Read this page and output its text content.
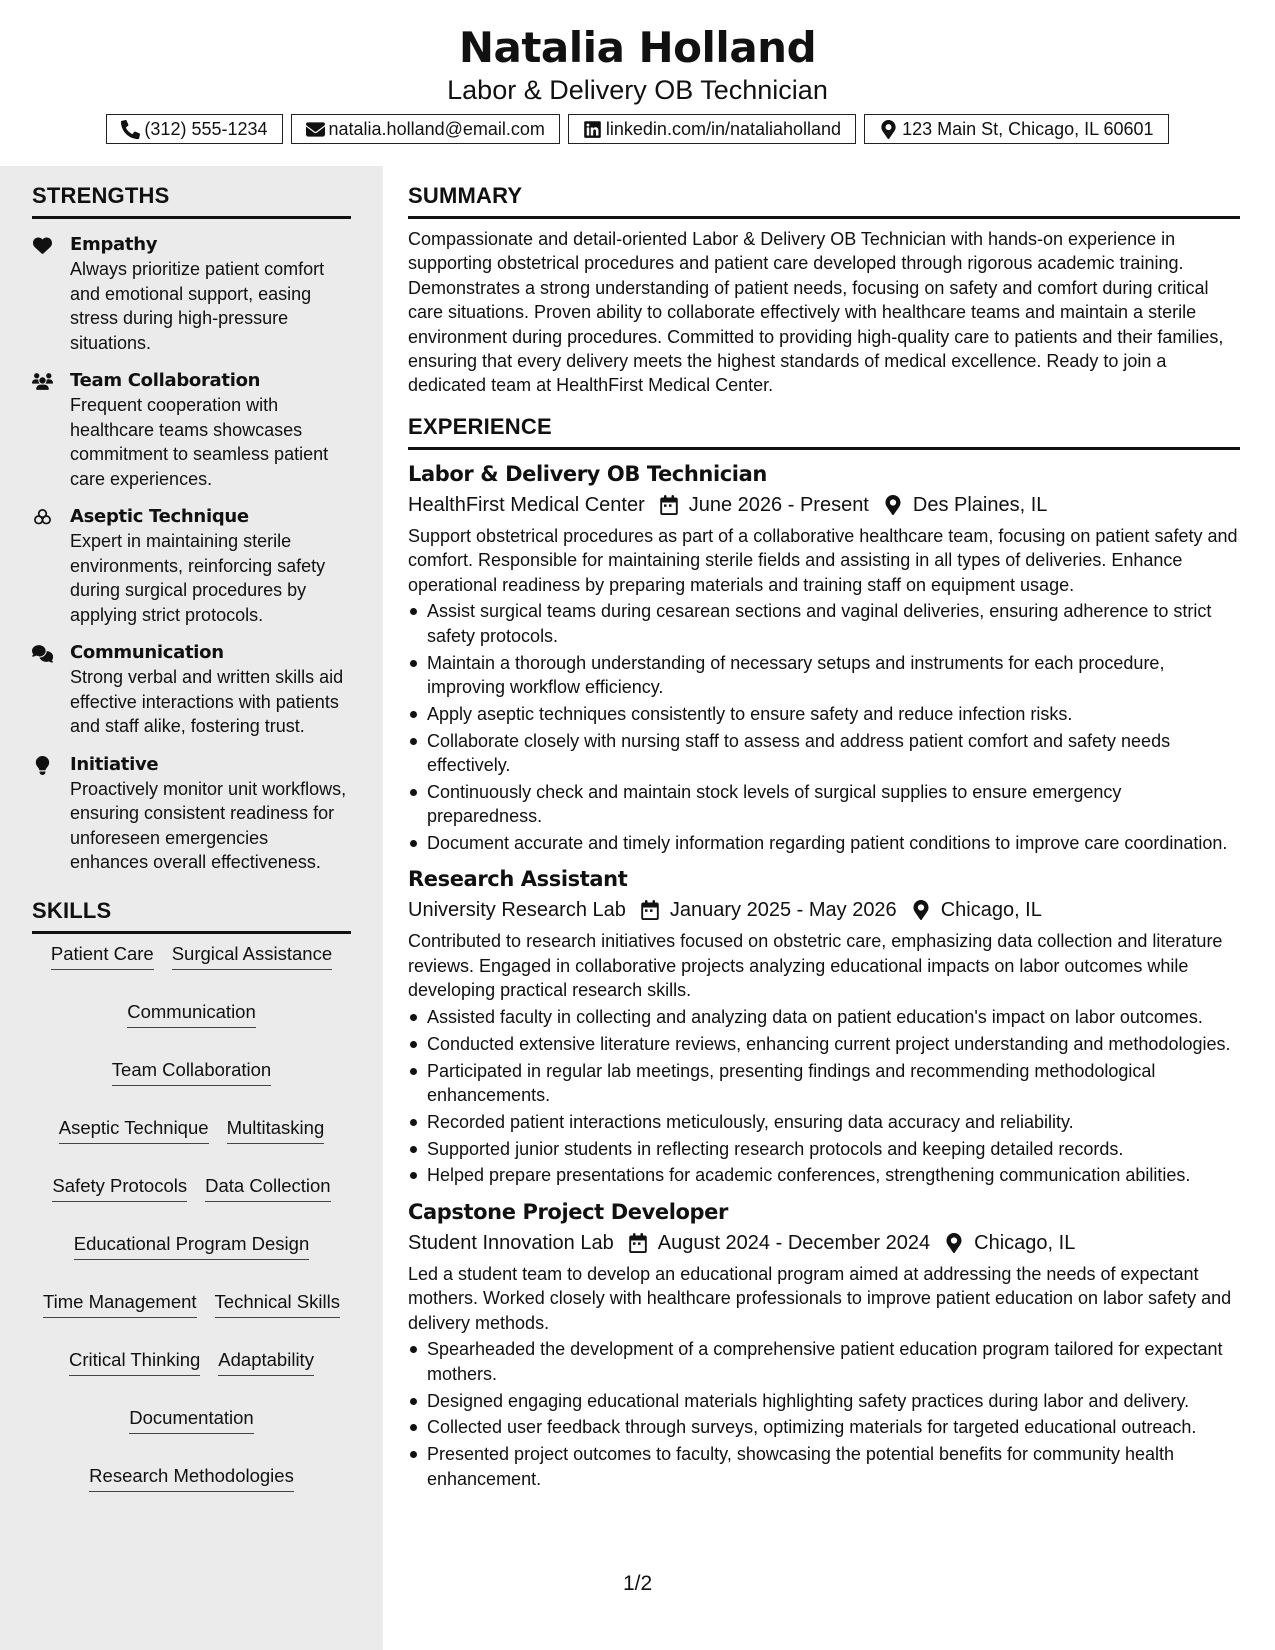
Natalia Holland
Labor & Delivery OB Technician
(312) 555-1234	natalia.holland@email.com	linkedin.com/in/nataliaholland	123 Main St, Chicago, IL 60601
STRENGTHS
Empathy
Always prioritize patient comfort and emotional support, easing stress during high-pressure situations.
Team Collaboration
Frequent cooperation with healthcare teams showcases commitment to seamless patient care experiences.
Aseptic Technique
Expert in maintaining sterile environments, reinforcing safety during surgical procedures by applying strict protocols.
Communication
Strong verbal and written skills aid effective interactions with patients and staff alike, fostering trust.
Initiative
Proactively monitor unit workflows, ensuring consistent readiness for unforeseen emergencies enhances overall effectiveness.
SKILLS
Patient Care Surgical Assistance
Communication
Team Collaboration
Aseptic Technique Multitasking
Safety Protocols Data Collection
Educational Program Design
Time Management Technical Skills
Critical Thinking Adaptability
Documentation
Research Methodologies
SUMMARY
Compassionate and detail-oriented Labor & Delivery OB Technician with hands-on experience in supporting obstetrical procedures and patient care developed through rigorous academic training. Demonstrates a strong understanding of patient needs, focusing on safety and comfort during critical care situations. Proven ability to collaborate effectively with healthcare teams and maintain a sterile environment during procedures. Committed to providing high-quality care to patients and their families, ensuring that every delivery meets the highest standards of medical excellence. Ready to join a dedicated team at HealthFirst Medical Center.
EXPERIENCE
Labor & Delivery OB Technician
HealthFirst Medical Center June 2026 - Present Des Plaines, IL
Support obstetrical procedures as part of a collaborative healthcare team, focusing on patient safety and comfort. Responsible for maintaining sterile fields and assisting in all types of deliveries. Enhance operational readiness by preparing materials and training staff on equipment usage.
Assist surgical teams during cesarean sections and vaginal deliveries, ensuring adherence to strict safety protocols.
Maintain a thorough understanding of necessary setups and instruments for each procedure, improving workflow efficiency.
Apply aseptic techniques consistently to ensure safety and reduce infection risks.
Collaborate closely with nursing staff to assess and address patient comfort and safety needs effectively.
Continuously check and maintain stock levels of surgical supplies to ensure emergency preparedness.
Document accurate and timely information regarding patient conditions to improve care coordination.
Research Assistant
University Research Lab January 2025 - May 2026 Chicago, IL
Contributed to research initiatives focused on obstetric care, emphasizing data collection and literature reviews. Engaged in collaborative projects analyzing educational impacts on labor outcomes while developing practical research skills.
Assisted faculty in collecting and analyzing data on patient education's impact on labor outcomes.
Conducted extensive literature reviews, enhancing current project understanding and methodologies.
Participated in regular lab meetings, presenting findings and recommending methodological enhancements.
Recorded patient interactions meticulously, ensuring data accuracy and reliability.
Supported junior students in reflecting research protocols and keeping detailed records.
Helped prepare presentations for academic conferences, strengthening communication abilities.
Capstone Project Developer
Student Innovation Lab August 2024 - December 2024 Chicago, IL
Led a student team to develop an educational program aimed at addressing the needs of expectant mothers. Worked closely with healthcare professionals to improve patient education on labor safety and delivery methods.
Spearheaded the development of a comprehensive patient education program tailored for expectant mothers.
Designed engaging educational materials highlighting safety practices during labor and delivery.
Collected user feedback through surveys, optimizing materials for targeted educational outreach.
Presented project outcomes to faculty, showcasing the potential benefits for community health enhancement.
1/2
